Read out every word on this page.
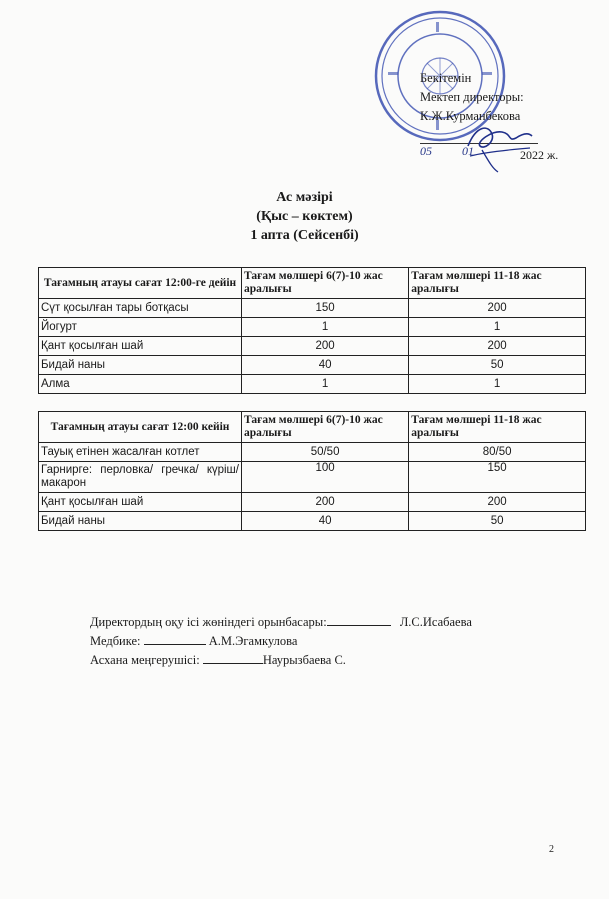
Бекітемін
Мектеп директоры:
К.Ж.Курманбекова
05	01	2022 ж.
Ас мәзірі
(Қыс – көктем)
1 апта (Сейсенбі)
Тағамның атауы сағат 12:00-ге дейін	Тағам мөлшері 6(7)-10 жас аралығы	Тағам мөлшері 11-18 жас аралығы
Сүт қосылған тары ботқасы	150	200
Йогурт	1	1
Қант қосылған шай	200	200
Бидай наны	40	50
Алма	1	1
Тағамның атауы сағат 12:00 кейін	Тағам мөлшері 6(7)-10 жас аралығы	Тағам мөлшері 11-18 жас аралығы
Тауық етінен жасалған котлет	50/50	80/50
Гарнирге: перловка/ гречка/ күріш/макарон	100	150
Қант қосылған шай	200	200
Бидай наны	40	50
Директордың оқу ісі жөніндегі орынбасары:	Л.С.Исабаева
Медбике:	А.М.Эгамкулова
Асхана меңгерушісі:	Наурызбаева С.
2
